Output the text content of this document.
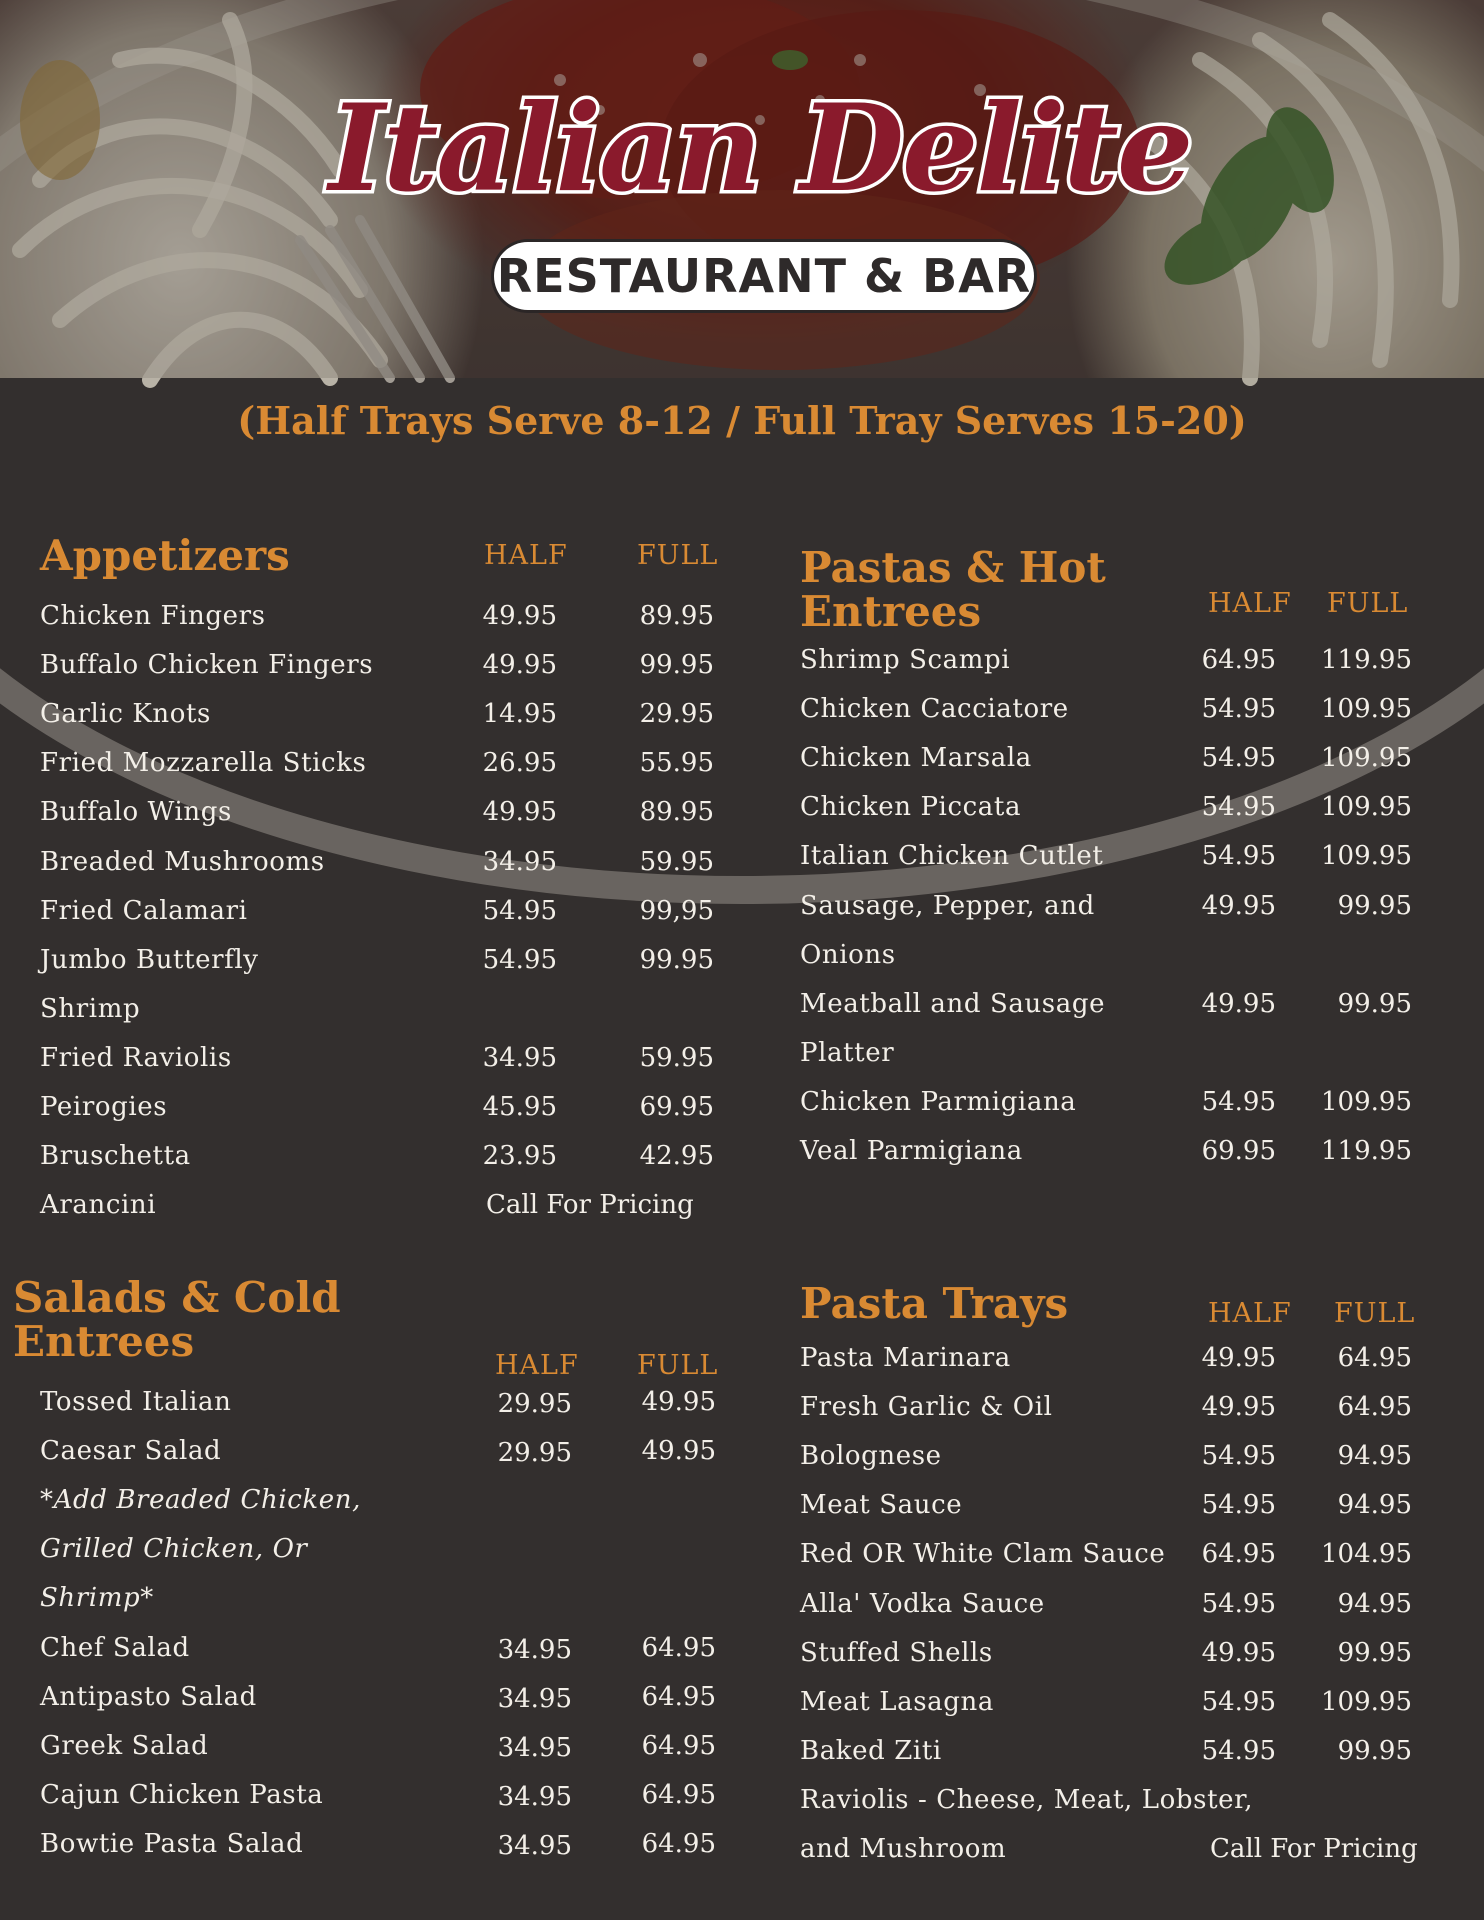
Italian Delite
RESTAURANT & BAR
(Half Trays Serve 8-12 / Full Tray Serves 15-20)
Appetizers	HALF	FULL
Chicken Fingers	49.95	89.95
Buffalo Chicken Fingers	49.95	99.95
Garlic Knots	14.95	29.95
Fried Mozzarella Sticks	26.95	55.95
Buffalo Wings	49.95	89.95
Breaded Mushrooms	34.95	59.95
Fried Calamari	54.95	99,95
Jumbo Butterfly	54.95	99.95
Shrimp
Fried Raviolis	34.95	59.95
Peirogies	45.95	69.95
Bruschetta	23.95	42.95
Arancini	Call For Pricing
Salads & Cold
Entrees	HALF FULL
Tossed Italian	29.95	49.95
Caesar Salad	29.95	49.95
*Add Breaded Chicken,
Grilled Chicken, Or
Shrimp*
Chef Salad	34.95	64.95
Antipasto Salad	34.95	64.95
Greek Salad	34.95	64.95
Cajun Chicken Pasta	34.95	64.95
Bowtie Pasta Salad	34.95	64.95
Pastas & Hot
Entrees	HALF FULL
Shrimp Scampi	64.95	119.95
Chicken Cacciatore	54.95	109.95
Chicken Marsala	54.95	109.95
Chicken Piccata	54.95	109.95
Italian Chicken Cutlet	54.95	109.95
Sausage, Pepper, and	49.95	99.95
Onions
Meatball and Sausage	49.95	99.95
Platter
Chicken Parmigiana	54.95	109.95
Veal Parmigiana	69.95	119.95
Pasta Trays	HALF FULL
Pasta Marinara	49.95	64.95
Fresh Garlic & Oil	49.95	64.95
Bolognese	54.95	94.95
Meat Sauce	54.95	94.95
Red OR White Clam Sauce	64.95	104.95
Alla' Vodka Sauce	54.95	94.95
Stuffed Shells	49.95	99.95
Meat Lasagna	54.95	109.95
Baked Ziti	54.95	99.95
Raviolis - Cheese, Meat, Lobster,
and Mushroom	Call For Pricing
